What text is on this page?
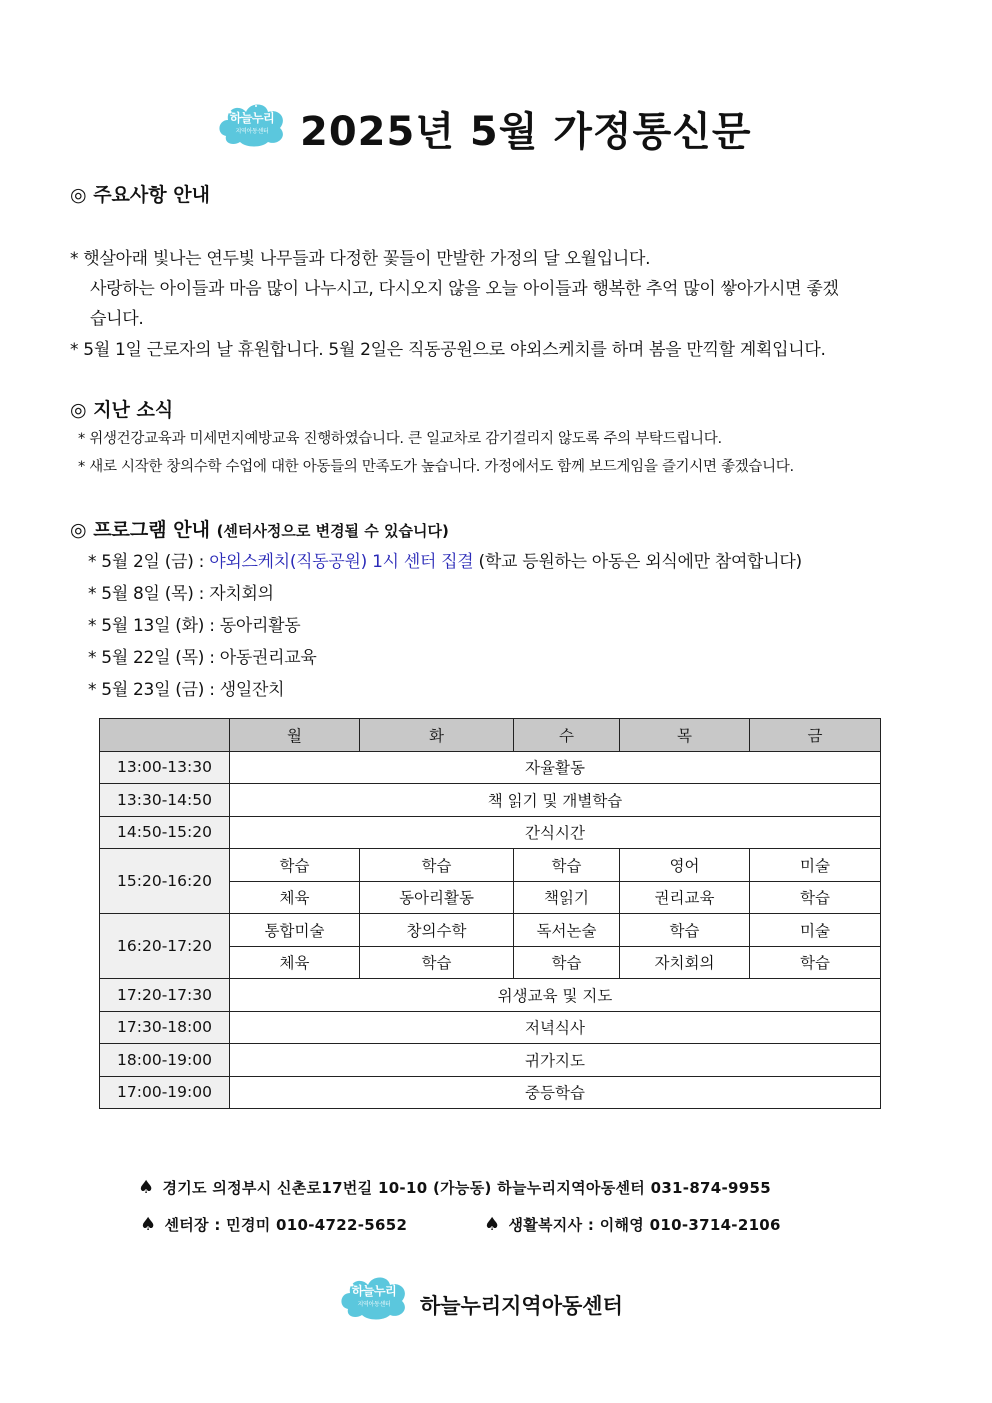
하늘누리
지역아동센터 2025년 5월 가정통신문
◎ 주요사항 안내
* 햇살아래 빛나는 연두빛 나무들과 다정한 꽃들이 만발한 가정의 달 오월입니다.
사랑하는 아이들과 마음 많이 나누시고, 다시오지 않을 오늘 아이들과 행복한 추억 많이 쌓아가시면 좋겠
습니다.
* 5월 1일 근로자의 날 휴원합니다. 5월 2일은 직동공원으로 야외스케치를 하며 봄을 만끽할 계획입니다.
◎ 지난 소식
* 위생건강교육과 미세먼지예방교육 진행하였습니다. 큰 일교차로 감기걸리지 않도록 주의 부탁드립니다.
* 새로 시작한 창의수학 수업에 대한 아동들의 만족도가 높습니다. 가정에서도 함께 보드게임을 즐기시면 좋겠습니다.
◎ 프로그램 안내 (센터사정으로 변경될 수 있습니다)
* 5월 2일 (금) : 야외스케치(직동공원) 1시 센터 집결 (학교 등원하는 아동은 외식에만 참여합니다)
* 5월 8일 (목) : 자치회의
* 5월 13일 (화) : 동아리활동
* 5월 22일 (목) : 아동권리교육
* 5월 23일 (금) : 생일잔치
	월	화	수	목	금
13:00-13:30	자율활동				
13:30-14:50	책 읽기 및 개별학습				
14:50-15:20	간식시간				
15:20-16:20	학습	학습	학습	영어	미술
	체육	동아리활동	책읽기	권리교육	학습
16:20-17:20	통합미술	창의수학	독서논술	학습	미술
	체육	학습	학습	자치회의	학습
17:20-17:30	위생교육 및 지도				
17:30-18:00	저녁식사				
18:00-19:00	귀가지도				
17:00-19:00	중등학습				
♠ 경기도 의정부시 신촌로17번길 10-10 (가능동) 하늘누리지역아동센터 031-874-9955
♠ 센터장 : 민경미 010-4722-5652	♠ 생활복지사 : 이해영 010-3714-2106
하늘누리
지역아동센터	하늘누리지역아동센터
